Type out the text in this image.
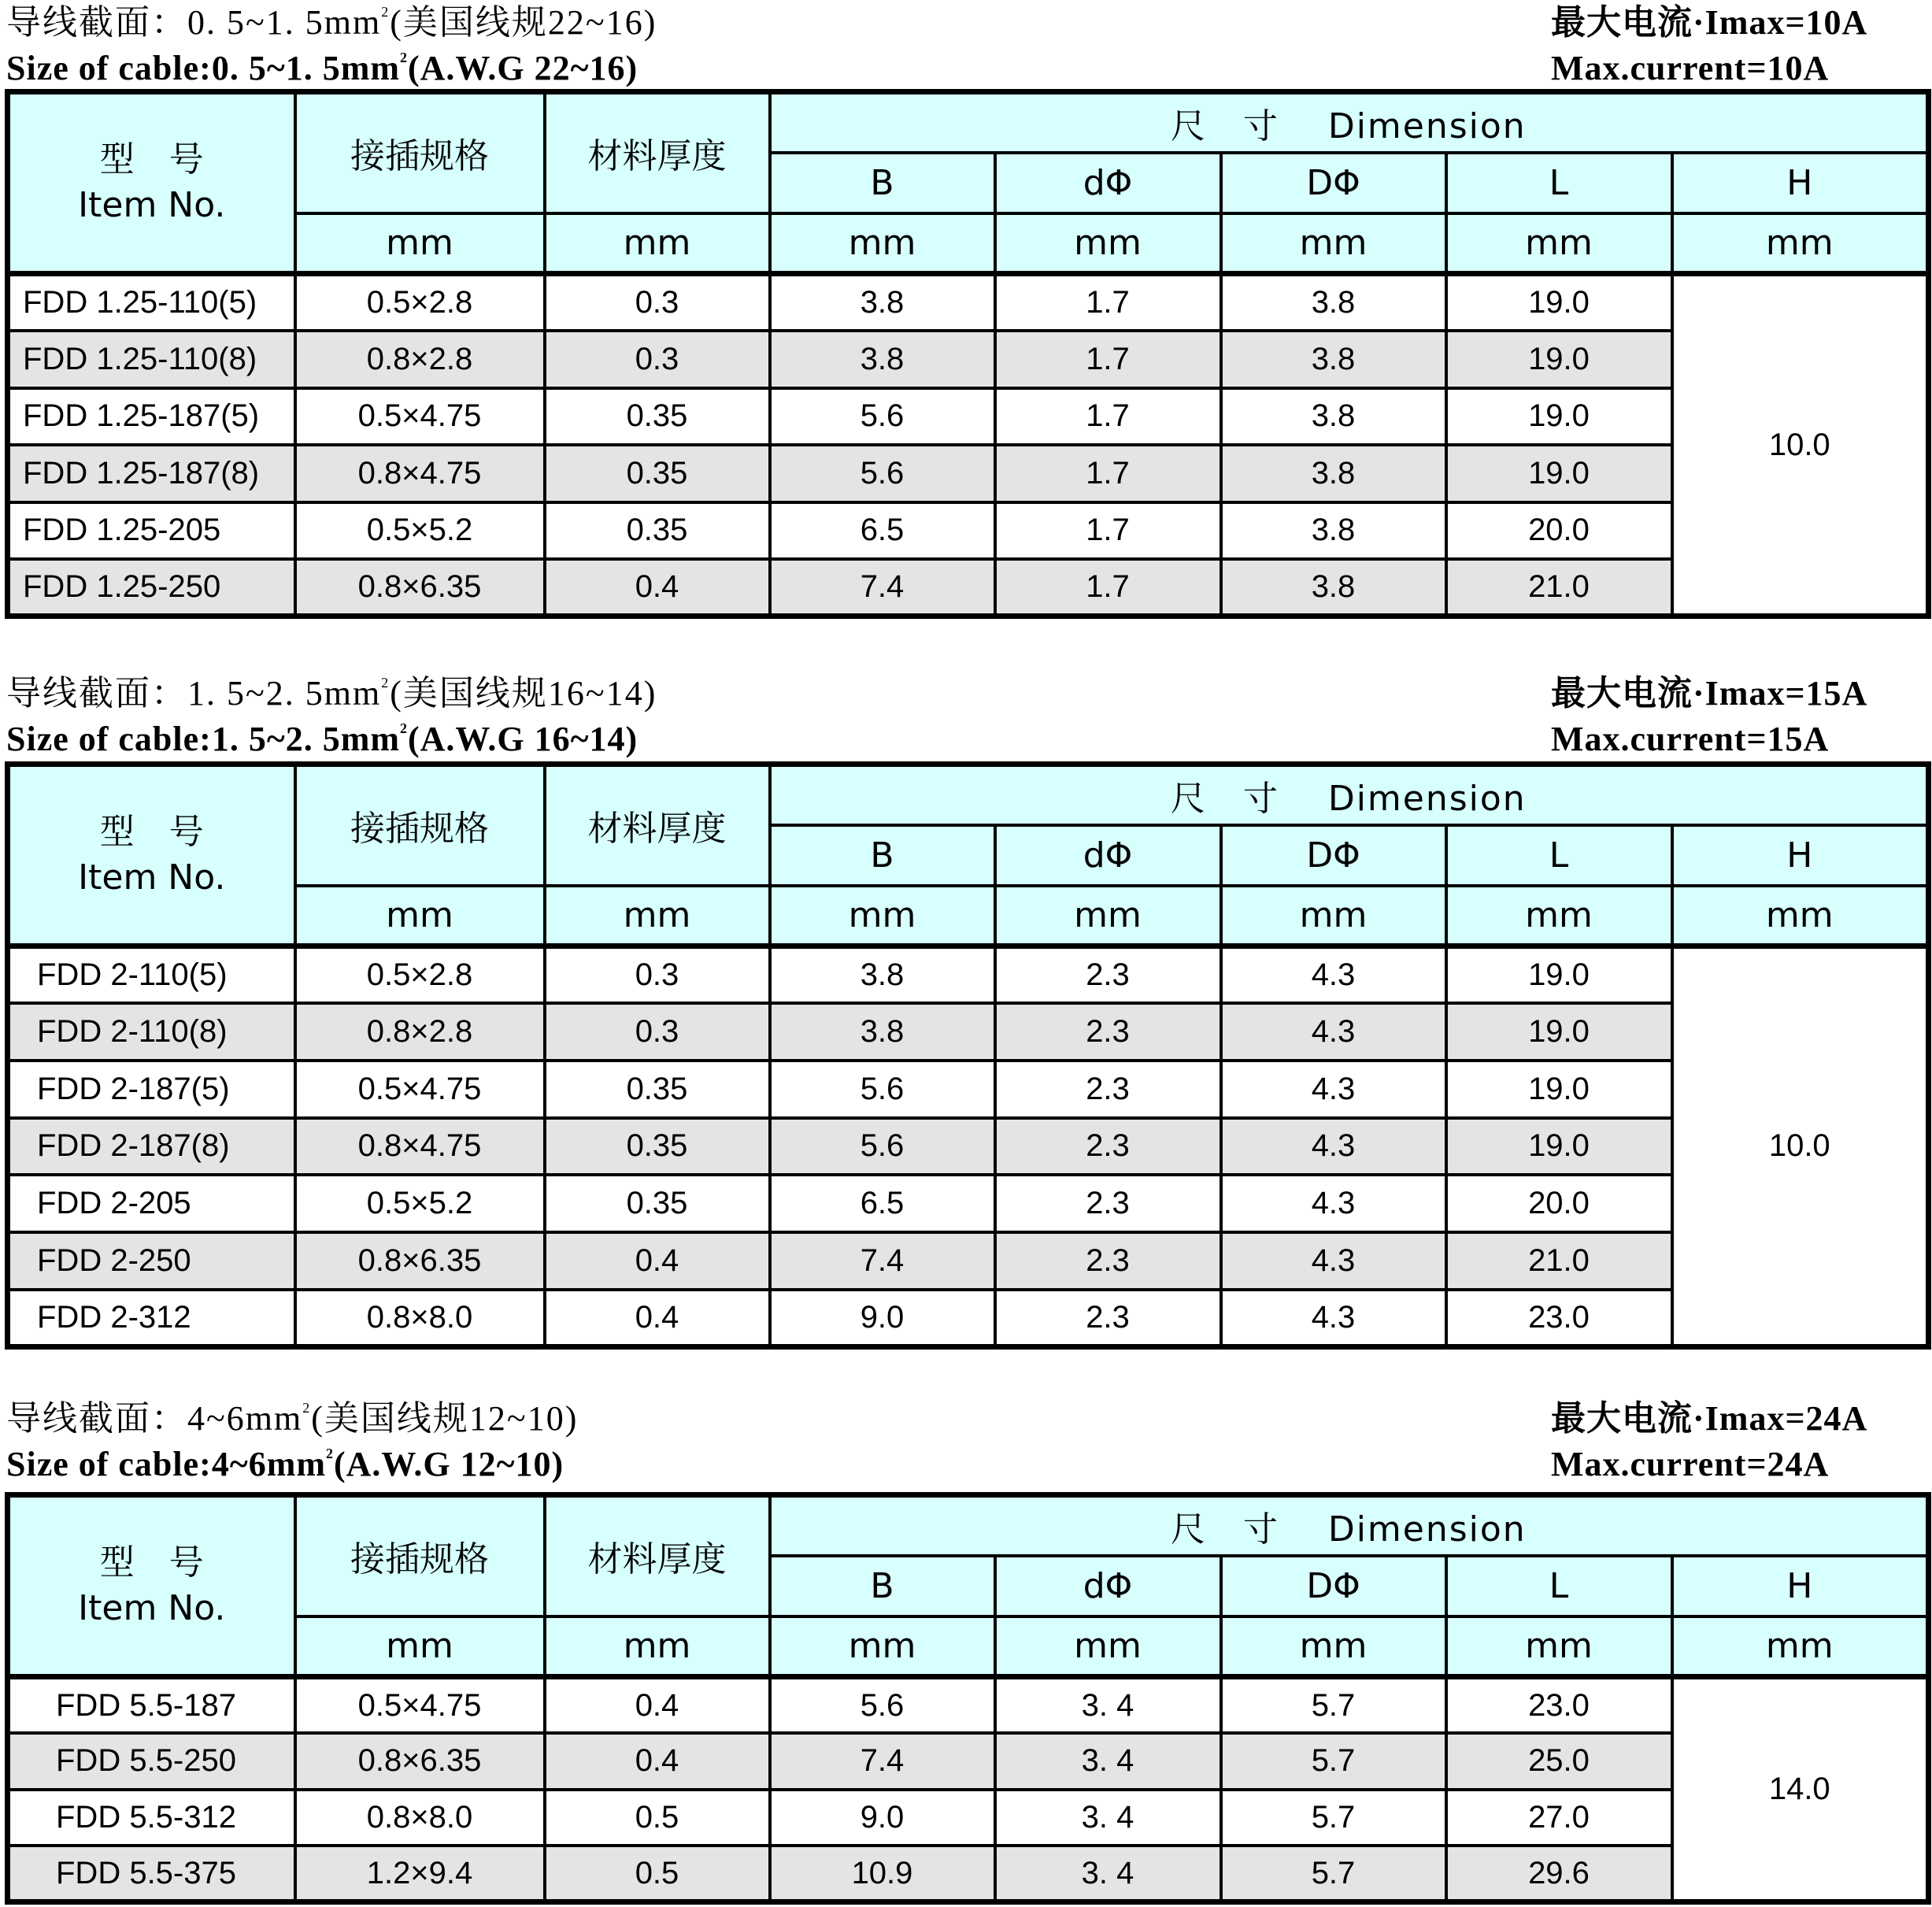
导线截面：0. 5~1. $5mm^2$(美国线规22~16)
Size of cable:0. 5~1. $5mm^2(A.W.G$ 22~16)
最大电流·Imax=10A
Max.current=10A
型　号
Item No.	接插规格	材料厚度	尺　寸　 Dimension				
			B	dΦ	DΦ	L	H
	mm	mm	mm	mm	mm	mm	mm
FDD 1.25-110(5)	0.5×2.8	0.3	3.8	1.7	3.8	19.0	10.0
FDD 1.25-110(8)	0.8×2.8	0.3	3.8	1.7	3.8	19.0	
FDD 1.25-187(5)	0.5×4.75	0.35	5.6	1.7	3.8	19.0	
FDD 1.25-187(8)	0.8×4.75	0.35	5.6	1.7	3.8	19.0	
FDD 1.25-205	0.5×5.2	0.35	6.5	1.7	3.8	20.0	
FDD 1.25-250	0.8×6.35	0.4	7.4	1.7	3.8	21.0	
导线截面：1. 5~2. $5mm^2$(美国线规16~14)
Size of cable:1. 5~2. $5mm^2(A.W.G$ 16~14)
最大电流·Imax=15A
Max.current=15A
型　号
Item No.	接插规格	材料厚度	尺　寸　 Dimension				
			B	dΦ	DΦ	L	H
	mm	mm	mm	mm	mm	mm	mm
FDD 2-110(5)	0.5×2.8	0.3	3.8	2.3	4.3	19.0	10.0
FDD 2-110(8)	0.8×2.8	0.3	3.8	2.3	4.3	19.0	
FDD 2-187(5)	0.5×4.75	0.35	5.6	2.3	4.3	19.0	
FDD 2-187(8)	0.8×4.75	0.35	5.6	2.3	4.3	19.0	
FDD 2-205	0.5×5.2	0.35	6.5	2.3	4.3	20.0	
FDD 2-250	0.8×6.35	0.4	7.4	2.3	4.3	21.0	
FDD 2-312	0.8×8.0	0.4	9.0	2.3	4.3	23.0	
导线截面：$4\sim 6mm^2$(美国线规12~10)
Size of $cable:4\sim 6mm^2(A.W.G$ 12~10)
最大电流·Imax=24A
Max.current=24A
型　号
Item No.	接插规格	材料厚度	尺　寸　 Dimension				
			B	dΦ	DΦ	L	H
	mm	mm	mm	mm	mm	mm	mm
FDD 5.5-187	0.5×4.75	0.4	5.6	3. 4	5.7	23.0	14.0
FDD 5.5-250	0.8×6.35	0.4	7.4	3. 4	5.7	25.0	
FDD 5.5-312	0.8×8.0	0.5	9.0	3. 4	5.7	27.0	
FDD 5.5-375	1.2×9.4	0.5	10.9	3. 4	5.7	29.6	
